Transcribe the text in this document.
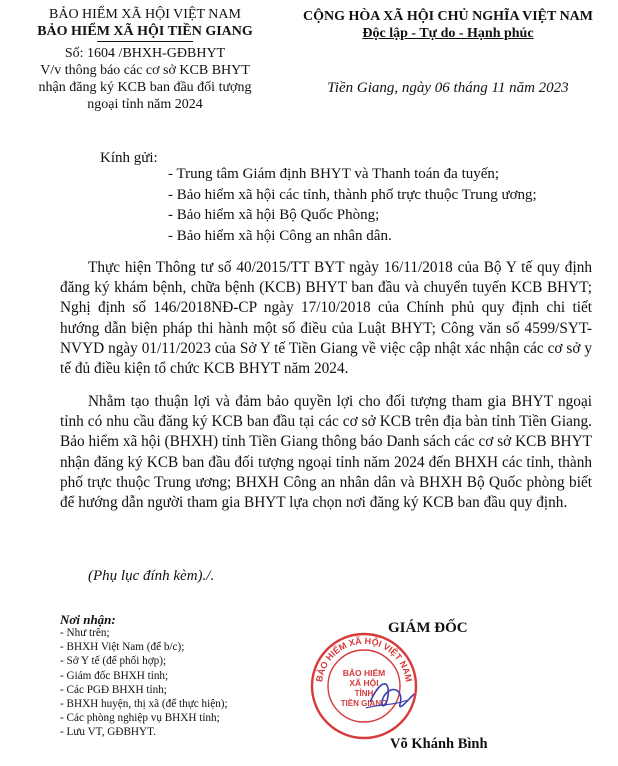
BẢO HIỂM XÃ HỘI VIỆT NAM
BẢO HIỂM XÃ HỘI TIỀN GIANG
Số: 1604 /BHXH-GĐBHYT
V/v thông báo các cơ sở KCB BHYT
nhận đăng ký KCB ban đầu đối tượng
ngoại tỉnh năm 2024
CỘNG HÒA XÃ HỘI CHỦ NGHĨA VIỆT NAM
Độc lập - Tự do - Hạnh phúc
Tiền Giang, ngày 06 tháng 11 năm 2023
Kính gửi:
- Trung tâm Giám định BHYT và Thanh toán đa tuyến;
- Bảo hiểm xã hội các tỉnh, thành phố trực thuộc Trung ương;
- Bảo hiểm xã hội Bộ Quốc Phòng;
- Bảo hiểm xã hội Công an nhân dân.
Thực hiện Thông tư số 40/2015/TT BYT ngày 16/11/2018 của Bộ Y tế quy định đăng ký khám bệnh, chữa bệnh (KCB) BHYT ban đầu và chuyển tuyến KCB BHYT; Nghị định số 146/2018NĐ-CP ngày 17/10/2018 của Chính phủ quy định chi tiết hướng dẫn biện pháp thi hành một số điều của Luật BHYT; Công văn số 4599/SYT-NVYD ngày 01/11/2023 của Sở Y tế Tiền Giang về việc cập nhật xác nhận các cơ sở y tế đủ điều kiện tổ chức KCB BHYT năm 2024.
Nhằm tạo thuận lợi và đảm bảo quyền lợi cho đối tượng tham gia BHYT ngoại tỉnh có nhu cầu đăng ký KCB ban đầu tại các cơ sở KCB trên địa bàn tỉnh Tiền Giang. Bảo hiểm xã hội (BHXH) tỉnh Tiền Giang thông báo Danh sách các cơ sở KCB BHYT nhận đăng ký KCB ban đầu đối tượng ngoại tỉnh năm 2024 đến BHXH các tỉnh, thành phố trực thuộc Trung ương; BHXH Công an nhân dân và BHXH Bộ Quốc phòng biết để hướng dẫn người tham gia BHYT lựa chọn nơi đăng ký KCB ban đầu quy định.
(Phụ lục đính kèm)./.
Nơi nhận:
- Như trên;
- BHXH Việt Nam (để b/c);
- Sở Y tế (để phối hợp);
- Giám đốc BHXH tỉnh;
- Các PGĐ BHXH tỉnh;
- BHXH huyện, thị xã (để thực hiện);
- Các phòng nghiệp vụ BHXH tỉnh;
- Lưu VT, GĐBHYT.
GIÁM ĐỐC
BẢO HIỂM XÃ HỘI VIỆT NAM
BẢO HIỂM
XÃ HỘI
TỈNH
TIỀN GIANG
Võ Khánh Bình
